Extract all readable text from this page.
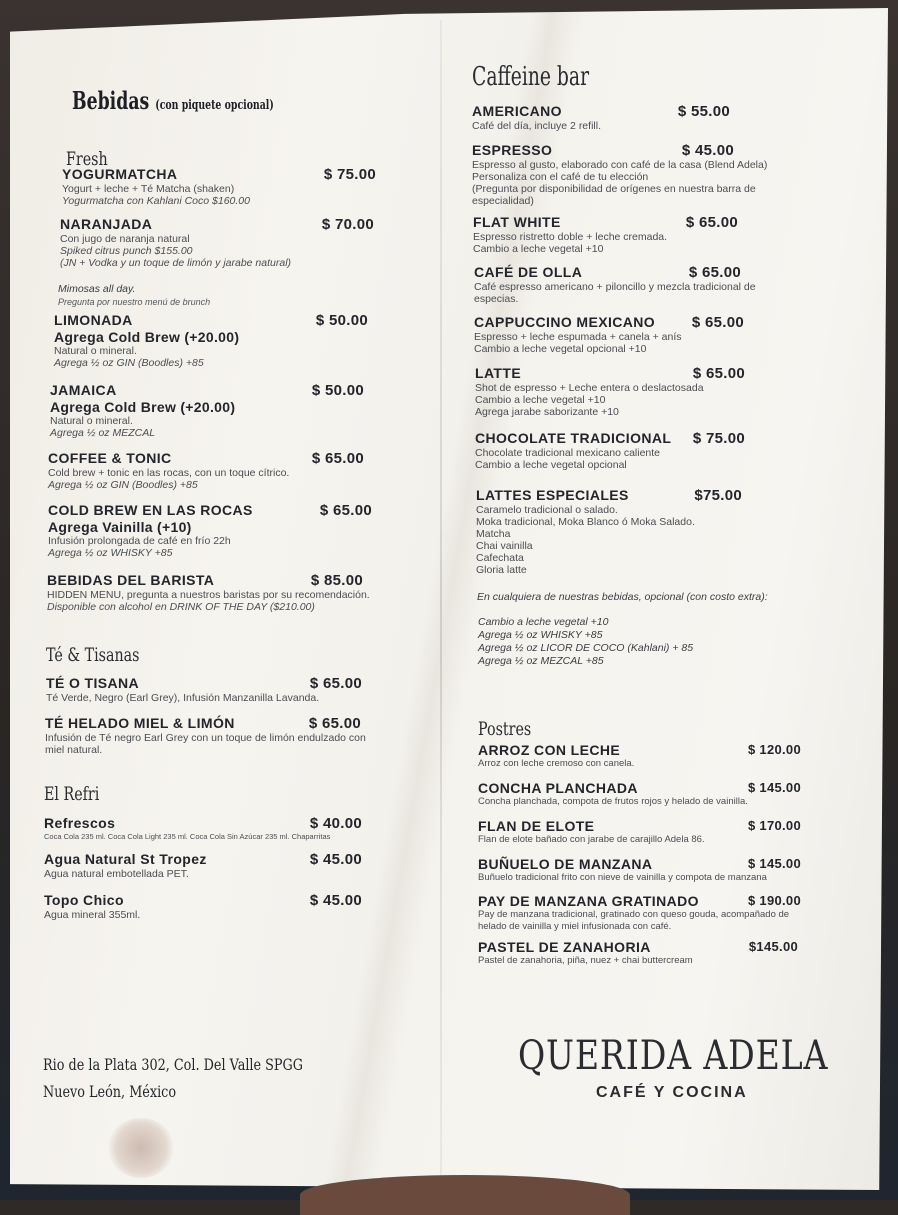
Bebidas (con piquete opcional)
Fresh
YOGURMATCHA	$ 75.00
Yogurt + leche + Té Matcha (shaken)
Yogurmatcha con Kahlani Coco $160.00
NARANJADA	$ 70.00
Con jugo de naranja natural
Spiked citrus punch $155.00
(JN + Vodka y un toque de limón y jarabe natural)
Mimosas all day.
Pregunta por nuestro menú de brunch
LIMONADA	$ 50.00
Agrega Cold Brew (+20.00)
Natural o mineral.
Agrega ½ oz GIN (Boodles) +85
JAMAICA	$ 50.00
Agrega Cold Brew (+20.00)
Natural o mineral.
Agrega ½ oz MEZCAL
COFFEE & TONIC	$ 65.00
Cold brew + tonic en las rocas, con un toque cítrico.
Agrega ½ oz GIN (Boodles) +85
COLD BREW EN LAS ROCAS	$ 65.00
Agrega Vainilla (+10)
Infusión prolongada de café en frío 22h
Agrega ½ oz WHISKY +85
BEBIDAS DEL BARISTA	$ 85.00
HIDDEN MENU, pregunta a nuestros baristas por su recomendación.
Disponible con alcohol en DRINK OF THE DAY ($210.00)
Té & Tisanas
TÉ O TISANA	$ 65.00
Té Verde, Negro (Earl Grey), Infusión Manzanilla Lavanda.
TÉ HELADO MIEL & LIMÓN	$ 65.00
Infusión de Té negro Earl Grey con un toque de limón endulzado con
miel natural.
El Refri
Refrescos	$ 40.00
Coca Cola 235 ml. Coca Cola Light 235 ml. Coca Cola Sin Azúcar 235 ml. Chaparritas
Agua Natural St Tropez	$ 45.00
Agua natural embotellada PET.
Topo Chico	$ 45.00
Agua mineral 355ml.
Rio de la Plata 302, Col. Del Valle SPGG
Nuevo León, México
Caffeine bar
AMERICANO	$ 55.00
Café del día, incluye 2 refill.
ESPRESSO	$ 45.00
Espresso al gusto, elaborado con café de la casa (Blend Adela)
Personaliza con el café de tu elección
(Pregunta por disponibilidad de orígenes en nuestra barra de
especialidad)
FLAT WHITE	$ 65.00
Espresso ristretto doble + leche cremada.
Cambio a leche vegetal +10
CAFÉ DE OLLA	$ 65.00
Café espresso americano + piloncillo y mezcla tradicional de
especias.
CAPPUCCINO MEXICANO $ 65.00
Espresso + leche espumada + canela + anís
Cambio a leche vegetal opcional +10
LATTE	$ 65.00
Shot de espresso + Leche entera o deslactosada
Cambio a leche vegetal +10
Agrega jarabe saborizante +10
CHOCOLATE TRADICIONAL $ 75.00
Chocolate tradicional mexicano caliente
Cambio a leche vegetal opcional
LATTES ESPECIALES	$75.00
Caramelo tradicional o salado.
Moka tradicional, Moka Blanco ó Moka Salado.
Matcha
Chai vainilla
Cafechata
Gloria latte
En cualquiera de nuestras bebidas, opcional (con costo extra):
Cambio a leche vegetal +10
Agrega ½ oz WHISKY +85
Agrega ½ oz LICOR DE COCO (Kahlani) + 85
Agrega ½ oz MEZCAL +85
Postres
ARROZ CON LECHE	$ 120.00
Arroz con leche cremoso con canela.
CONCHA PLANCHADA	$ 145.00
Concha planchada, compota de frutos rojos y helado de vainilla.
FLAN DE ELOTE	$ 170.00
Flan de elote bañado con jarabe de carajillo Adela 86.
BUÑUELO DE MANZANA	$ 145.00
Buñuelo tradicional frito con nieve de vainilla y compota de manzana
PAY DE MANZANA GRATINADO	$ 190.00
Pay de manzana tradicional, gratinado con queso gouda, acompañado de
helado de vainilla y miel infusionada con café.
PASTEL DE ZANAHORIA	$145.00
Pastel de zanahoria, piña, nuez + chai buttercream
QUERIDA ADELA
CAFÉ Y COCINA
